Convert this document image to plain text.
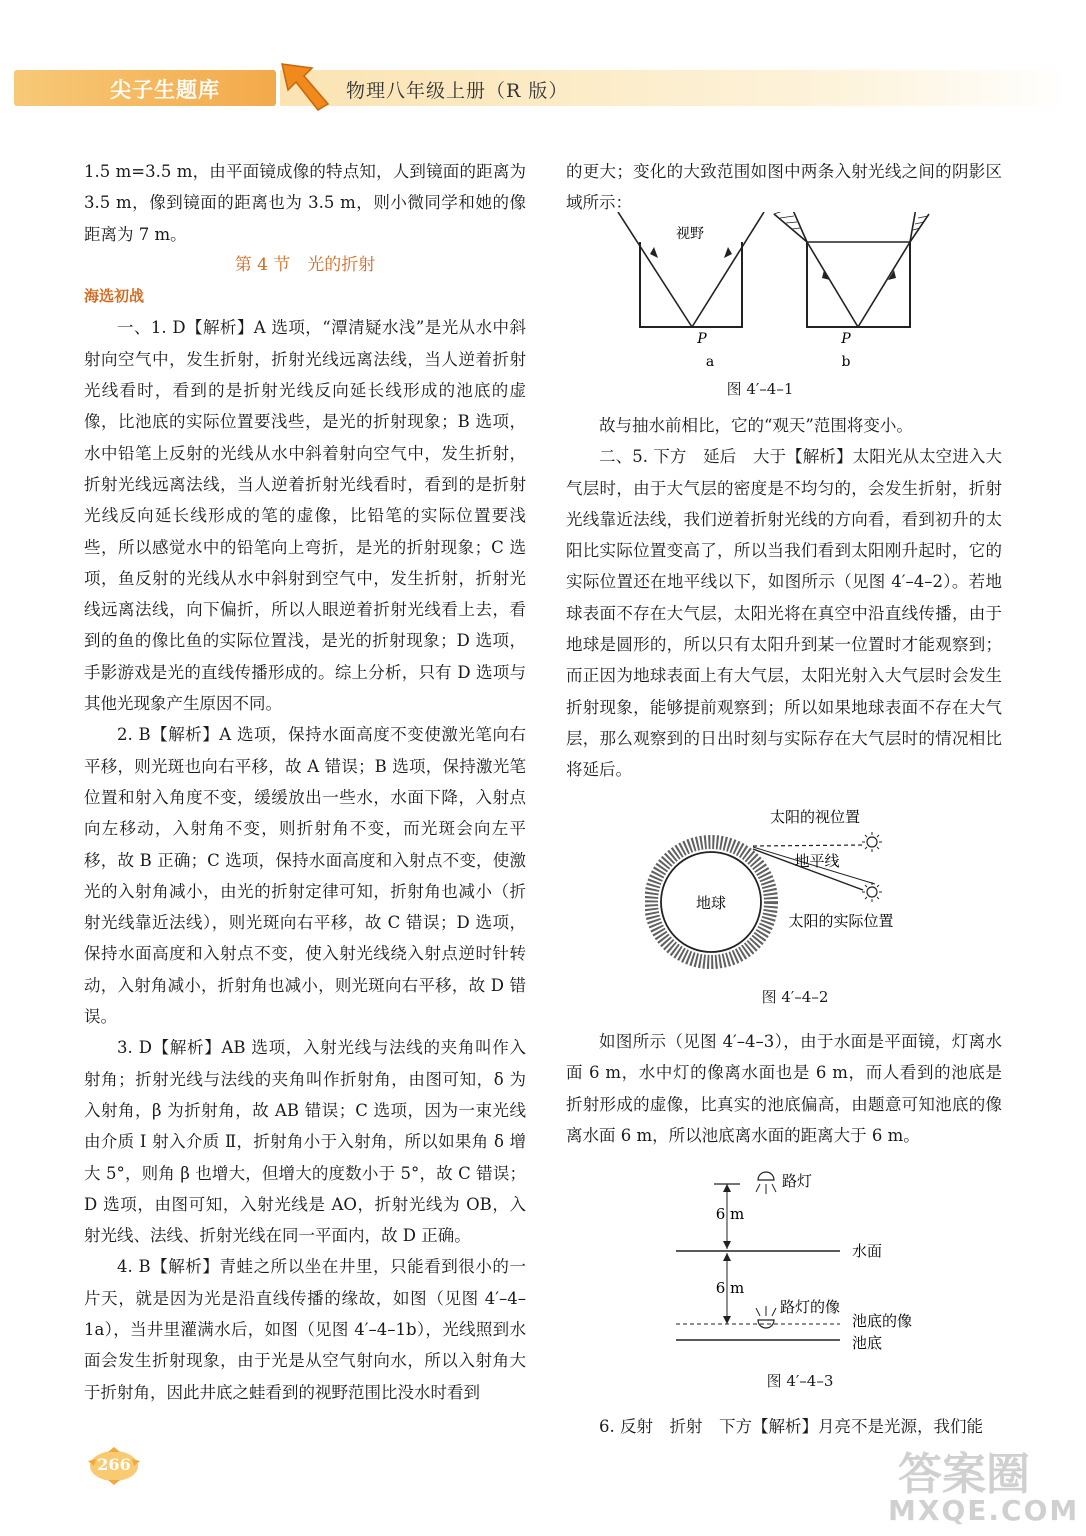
物理八年级上册（R 版）
尖子生题库

1.5 m=3.5 m，由平面镜成像的特点知，人到镜面的距离为3.5 m，像到镜面的距离也为 3.5 m，则小微同学和她的像距离为 7 m。

第 4 节　光的折射

海选初战

一、1. D【解析】A 选项，“潭清疑水浅”是光从水中斜射向空气中，发生折射，折射光线远离法线，当人逆着折射光线看时，看到的是折射光线反向延长线形成的池底的虚像，比池底的实际位置要浅些，是光的折射现象；B 选项，水中铅笔上反射的光线从水中斜着射向空气中，发生折射，折射光线远离法线，当人逆着折射光线看时，看到的是折射光线反向延长线形成的笔的虚像，比铅笔的实际位置要浅些，所以感觉水中的铅笔向上弯折，是光的折射现象；C 选项，鱼反射的光线从水中斜射到空气中，发生折射，折射光线远离法线，向下偏折，所以人眼逆着折射光线看上去，看到的鱼的像比鱼的实际位置浅，是光的折射现象；D 选项，手影游戏是光的直线传播形成的。综上分析，只有 D 选项与其他光现象产生原因不同。

2. B【解析】A 选项，保持水面高度不变使激光笔向右平移，则光斑也向右平移，故 A 错误；B 选项，保持激光笔位置和射入角度不变，缓缓放出一些水，水面下降，入射点向左移动，入射角不变，则折射角不变，而光斑会向左平移，故 B 正确；C 选项，保持水面高度和入射点不变，使激光的入射角减小，由光的折射定律可知，折射角也减小（折射光线靠近法线），则光斑向右平移，故 C 错误；D 选项，保持水面高度和入射点不变，使入射光线绕入射点逆时针转动，入射角减小，折射角也减小，则光斑向右平移，故 D 错误。

3. D【解析】AB 选项，入射光线与法线的夹角叫作入射角；折射光线与法线的夹角叫作折射角，由图可知，δ 为入射角，β 为折射角，故 AB 错误；C 选项，因为一束光线由介质 Ⅰ 射入介质 Ⅱ，折射角小于入射角，所以如果角 δ 增大 5°，则角 β 也增大，但增大的度数小于 5°，故 C 错误；D 选项，由图可知，入射光线是 AO，折射光线为 OB，入射光线、法线、折射光线在同一平面内，故 D 正确。

4. B【解析】青蛙之所以坐在井里，只能看到很小的一片天，就是因为光是沿直线传播的缘故，如图（见图 4′–4–1a），当井里灌满水后，如图（见图 4′–4–1b），光线照到水面会发生折射现象，由于光是从空气射向水，所以入射角大于折射角，因此井底之蛙看到的视野范围比没水时看到

的更大；变化的大致范围如图中两条入射光线之间的阴影区域所示：

视野
P
a
P
b
图 4′–4–1

故与抽水前相比，它的“观天”范围将变小。

二、5. 下方　延后　大于【解析】太阳光从太空进入大气层时，由于大气层的密度是不均匀的，会发生折射，折射光线靠近法线，我们逆着折射光线的方向看，看到初升的太阳比实际位置变高了，所以当我们看到太阳刚升起时，它的实际位置还在地平线以下，如图所示（见图 4′–4–2）。若地球表面不存在大气层，太阳光将在真空中沿直线传播，由于地球是圆形的，所以只有太阳升到某一位置时才能观察到；而正因为地球表面上有大气层，太阳光射入大气层时会发生折射现象，能够提前观察到；所以如果地球表面不存在大气层，那么观察到的日出时刻与实际存在大气层时的情况相比将延后。

太阳的视位置
地平线
地球
太阳的实际位置
图 4′–4–2

如图所示（见图 4′–4–3），由于水面是平面镜，灯离水面 6 m，水中灯的像离水面也是 6 m，而人看到的池底是折射形成的虚像，比真实的池底偏高，由题意可知池底的像离水面 6 m，所以池底离水面的距离大于 6 m。

路灯
6 m
水面
6 m
路灯的像
池底的像
池底
图 4′–4–3

6. 反射　折射　下方【解析】月亮不是光源，我们能

266	答案圈
MXQE.COM
